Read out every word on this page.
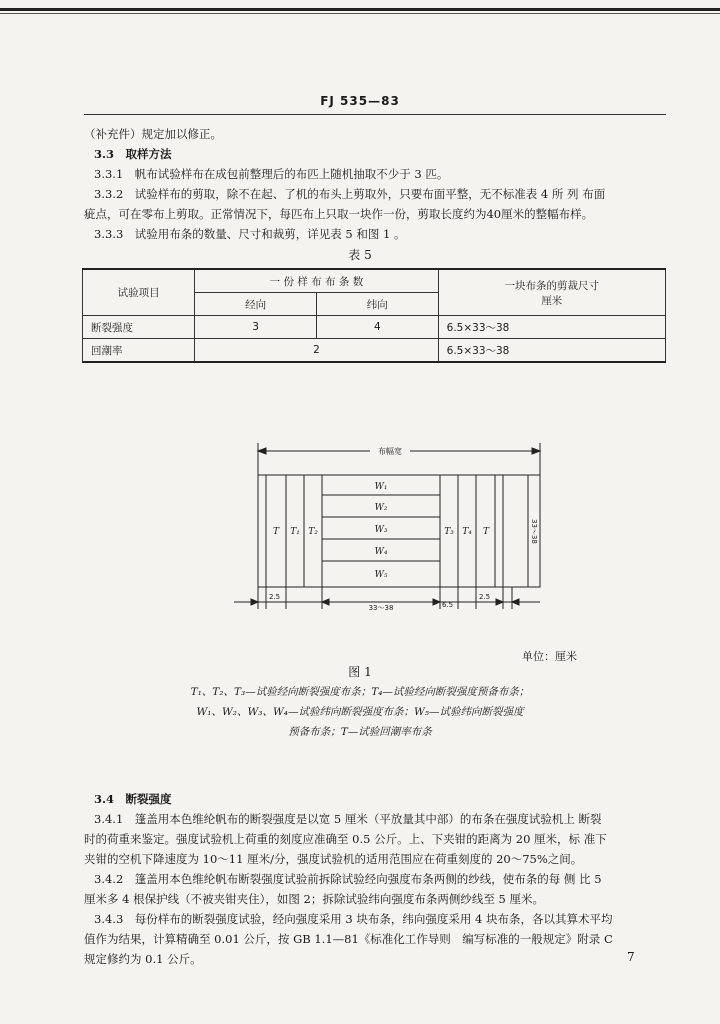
FJ 535—83
（补充件）规定加以修正。
3.3　取样方法
3.3.1　帆布试验样布在成包前整理后的布匹上随机抽取不少于 3 匹。
3.3.2　试验样布的剪取，除不在起、了机的布头上剪取外，只要布面平整，无不标准表 4 所 列 布面
疵点，可在零布上剪取。正常情况下，每匹布上只取一块作一份，剪取长度约为40厘米的整幅布样。
3.3.3　试验用布条的数量、尺寸和裁剪，详见表 5 和图 1 。
表 5
试验项目	一 份 样 布 布 条 数		一块布条的剪裁尺寸
厘米

	经向	纬向	
断裂强度	3	4	6.5×33～38
回潮率	2		6.5×33～38
布幅宽
T T₁ T₂	T₃ T₄ T
W₁
W₂
W₃
W₄
W₅
33～38
2.5
33～38	6.5
2.5
单位：厘米
图 1
T₁、T₂、T₃—试验经向断裂强度布条；T₄—试验经向断裂强度预备布条；
W₁、W₂、W₃、W₄—试验纬向断裂强度布条；W₅—试验纬向断裂强度
预备布条；T—试验回潮率布条
3.4　断裂强度
3.4.1　篷盖用本色维纶帆布的断裂强度是以宽 5 厘米（平放量其中部）的布条在强度试验机上 断裂
时的荷重来鉴定。强度试验机上荷重的刻度应准确至 0.5 公斤。上、下夹钳的距离为 20 厘米，标 准下
夹钳的空机下降速度为 10～11 厘米/分，强度试验机的适用范围应在荷重刻度的 20～75%之间。
3.4.2　篷盖用本色维纶帆布断裂强度试验前拆除试验经向强度布条两侧的纱线，使布条的每 侧 比 5
厘米多 4 根保护线（不被夹钳夹住），如图 2；拆除试验纬向强度布条两侧纱线至 5 厘米。
3.4.3　每份样布的断裂强度试验，经向强度采用 3 块布条，纬向强度采用 4 块布条，各以其算术平均
值作为结果，计算精确至 0.01 公斤，按 GB 1.1—81《标准化工作导则　编写标准的一般规定》附录 C
规定修约为 0.1 公斤。	7
